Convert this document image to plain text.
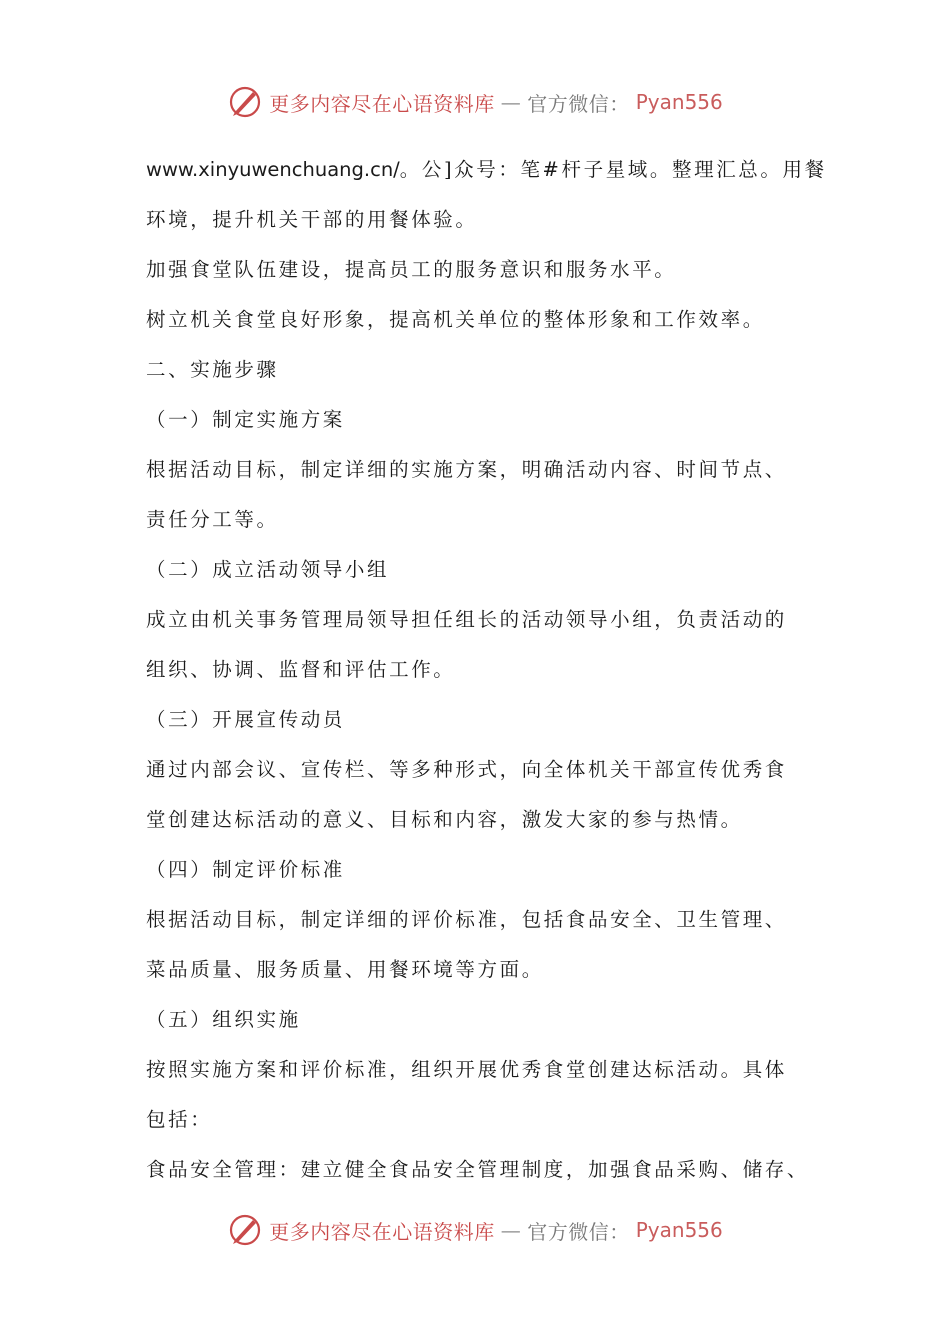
更多内容尽在心语资料库 — 官方微信： Pyan556
www.xinyuwenchuang.cn/。公]众号：笔#杆子星域。整理汇总。用餐
环境，提升机关干部的用餐体验。
加强食堂队伍建设，提高员工的服务意识和服务水平。
树立机关食堂良好形象，提高机关单位的整体形象和工作效率。
二、实施步骤
（一）制定实施方案
根据活动目标，制定详细的实施方案，明确活动内容、时间节点、
责任分工等。
（二）成立活动领导小组
成立由机关事务管理局领导担任组长的活动领导小组，负责活动的
组织、协调、监督和评估工作。
（三）开展宣传动员
通过内部会议、宣传栏、等多种形式，向全体机关干部宣传优秀食
堂创建达标活动的意义、目标和内容，激发大家的参与热情。
（四）制定评价标准
根据活动目标，制定详细的评价标准，包括食品安全、卫生管理、
菜品质量、服务质量、用餐环境等方面。
（五）组织实施
按照实施方案和评价标准，组织开展优秀食堂创建达标活动。具体
包括：
食品安全管理：建立健全食品安全管理制度，加强食品采购、储存、
更多内容尽在心语资料库 — 官方微信： Pyan556
